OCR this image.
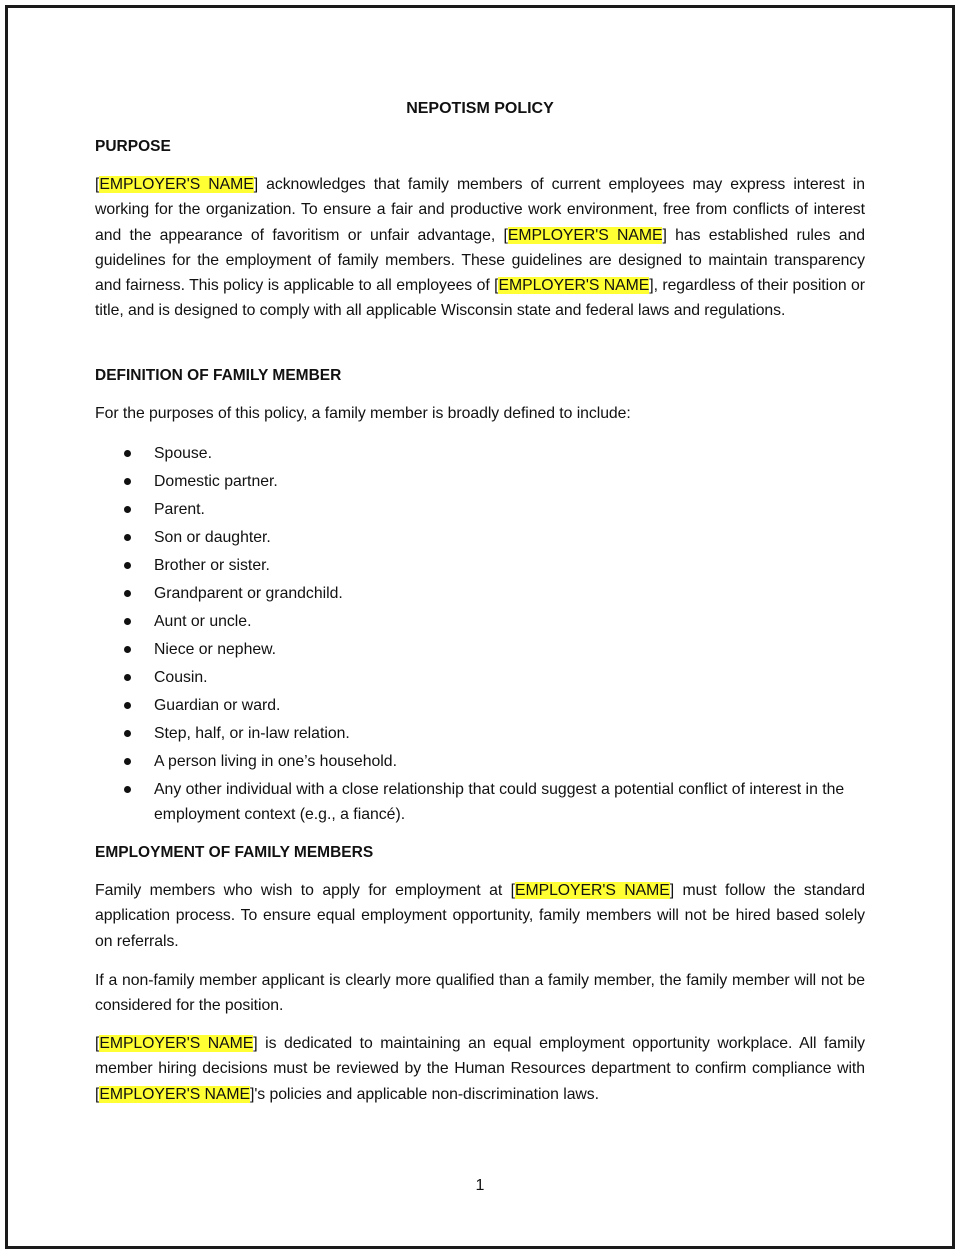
NEPOTISM POLICY
PURPOSE
[EMPLOYER'S NAME] acknowledges that family members of current employees may express interest in working for the organization. To ensure a fair and productive work environment, free from conflicts of interest and the appearance of favoritism or unfair advantage, [EMPLOYER'S NAME] has established rules and guidelines for the employment of family members. These guidelines are designed to maintain transparency and fairness. This policy is applicable to all employees of [EMPLOYER'S NAME], regardless of their position or title, and is designed to comply with all applicable Wisconsin state and federal laws and regulations.
DEFINITION OF FAMILY MEMBER
For the purposes of this policy, a family member is broadly defined to include:
Spouse.
Domestic partner.
Parent.
Son or daughter.
Brother or sister.
Grandparent or grandchild.
Aunt or uncle.
Niece or nephew.
Cousin.
Guardian or ward.
Step, half, or in-law relation.
A person living in one’s household.
Any other individual with a close relationship that could suggest a potential conflict of interest in the employment context (e.g., a fiancé).
EMPLOYMENT OF FAMILY MEMBERS
Family members who wish to apply for employment at [EMPLOYER'S NAME] must follow the standard application process. To ensure equal employment opportunity, family members will not be hired based solely on referrals.
If a non-family member applicant is clearly more qualified than a family member, the family member will not be considered for the position.
[EMPLOYER'S NAME] is dedicated to maintaining an equal employment opportunity workplace. All family member hiring decisions must be reviewed by the Human Resources department to confirm compliance with [EMPLOYER'S NAME]'s policies and applicable non-discrimination laws.
1
